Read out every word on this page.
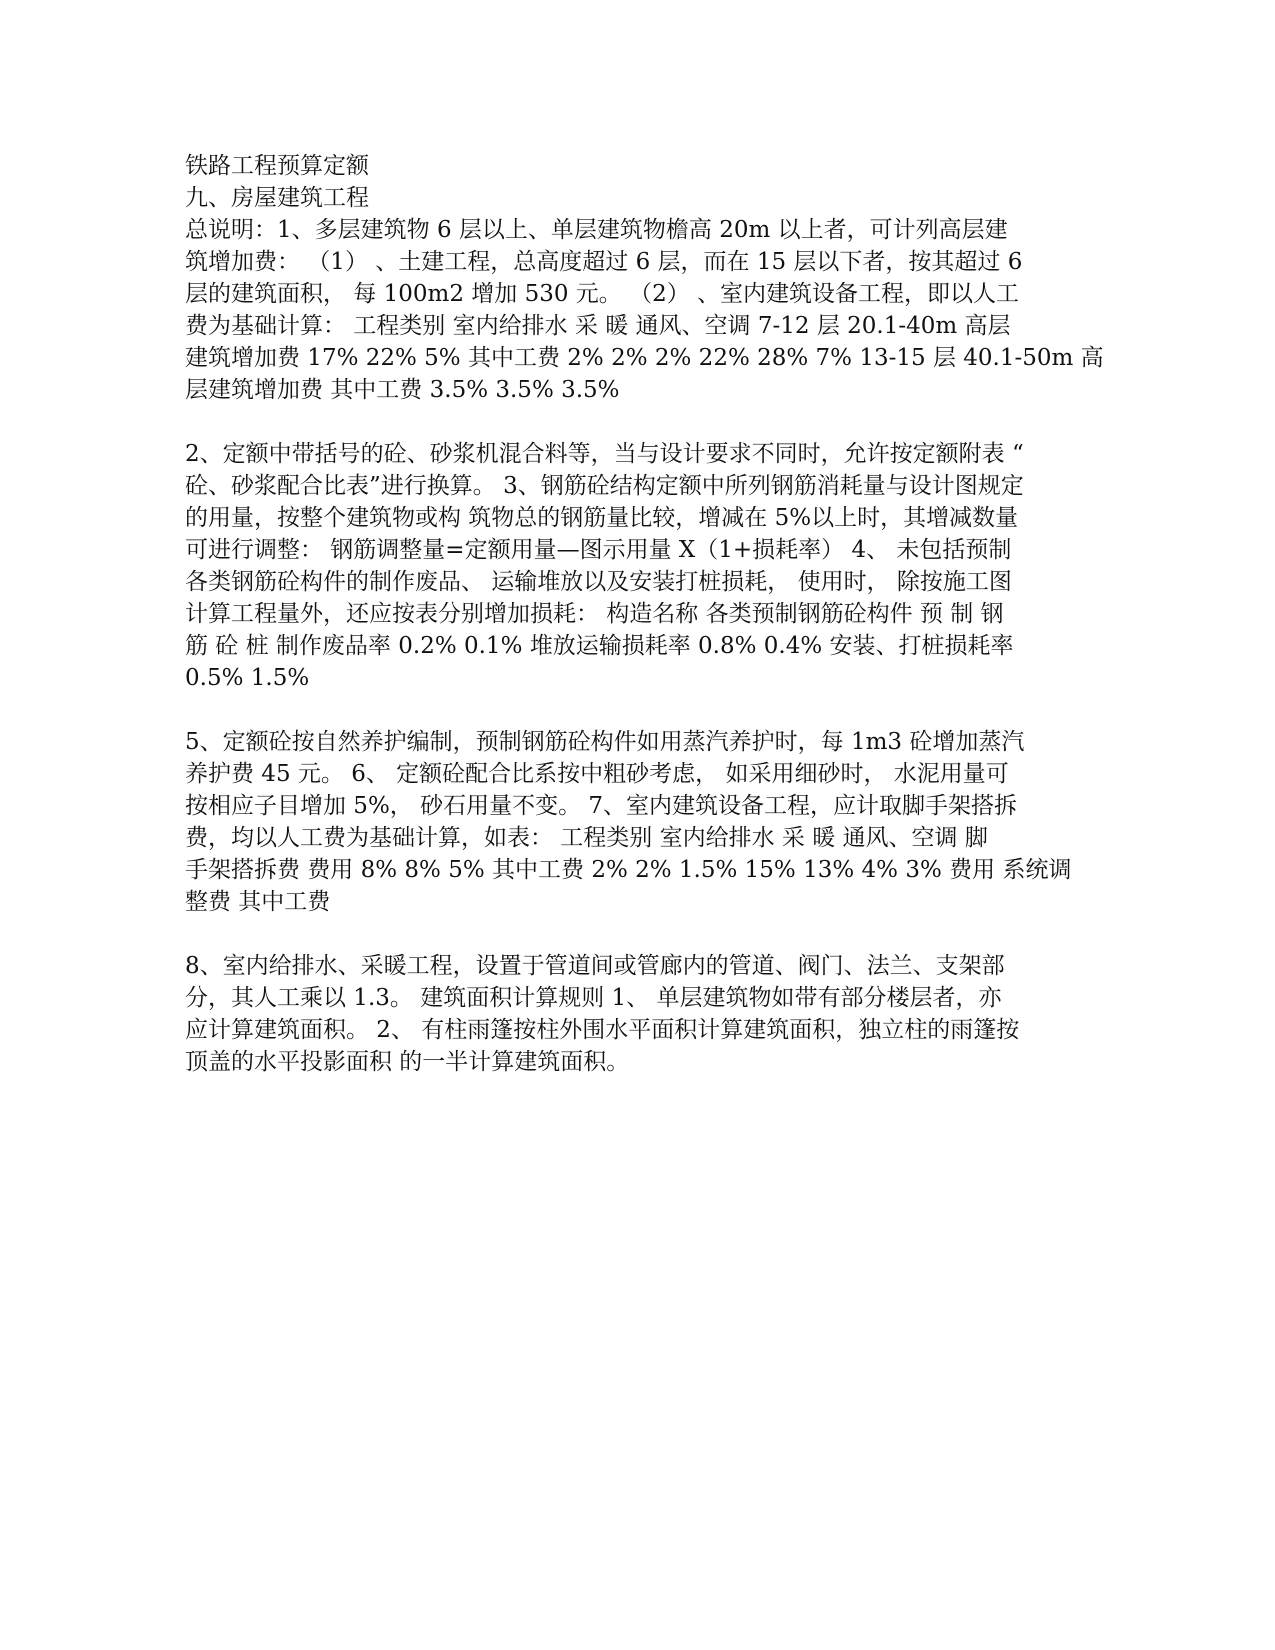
铁路工程预算定额

九、房屋建筑工程

总说明：1、多层建筑物 6 层以上、单层建筑物檐高 20m 以上者，可计列高层建

筑增加费： （1） 、土建工程，总高度超过 6 层，而在 15 层以下者，按其超过 6

层的建筑面积， 每 100m2 增加 530 元。 （2） 、室内建筑设备工程，即以人工

费为基础计算： 工程类别 室内给排水 采 暖 通风、空调 7-12 层 20.1-40m 高层

建筑增加费 17% 22% 5% 其中工费 2% 2% 2% 22% 28% 7% 13-15 层 40.1-50m 高

层建筑增加费 其中工费 3.5% 3.5% 3.5%

2、定额中带括号的砼、砂浆机混合料等，当与设计要求不同时，允许按定额附表 “

砼、砂浆配合比表”进行换算。 3、钢筋砼结构定额中所列钢筋消耗量与设计图规定

的用量，按整个建筑物或构 筑物总的钢筋量比较，增减在 5%以上时，其增减数量

可进行调整： 钢筋调整量=定额用量—图示用量 X（1+损耗率） 4、 未包括预制

各类钢筋砼构件的制作废品、 运输堆放以及安装打桩损耗， 使用时， 除按施工图

计算工程量外，还应按表分别增加损耗： 构造名称 各类预制钢筋砼构件 预 制 钢

筋 砼 桩 制作废品率 0.2% 0.1% 堆放运输损耗率 0.8% 0.4% 安装、打桩损耗率

0.5% 1.5%

5、定额砼按自然养护编制，预制钢筋砼构件如用蒸汽养护时，每 1m3 砼增加蒸汽

养护费 45 元。 6、 定额砼配合比系按中粗砂考虑， 如采用细砂时， 水泥用量可

按相应子目增加 5%， 砂石用量不变。 7、室内建筑设备工程，应计取脚手架搭拆

费，均以人工费为基础计算，如表： 工程类别 室内给排水 采 暖 通风、空调 脚

手架搭拆费 费用 8% 8% 5% 其中工费 2% 2% 1.5% 15% 13% 4% 3% 费用 系统调

整费 其中工费

8、室内给排水、采暖工程，设置于管道间或管廊内的管道、阀门、法兰、支架部

分，其人工乘以 1.3。 建筑面积计算规则 1、 单层建筑物如带有部分楼层者，亦

应计算建筑面积。 2、 有柱雨篷按柱外围水平面积计算建筑面积，独立柱的雨篷按

顶盖的水平投影面积 的一半计算建筑面积。
